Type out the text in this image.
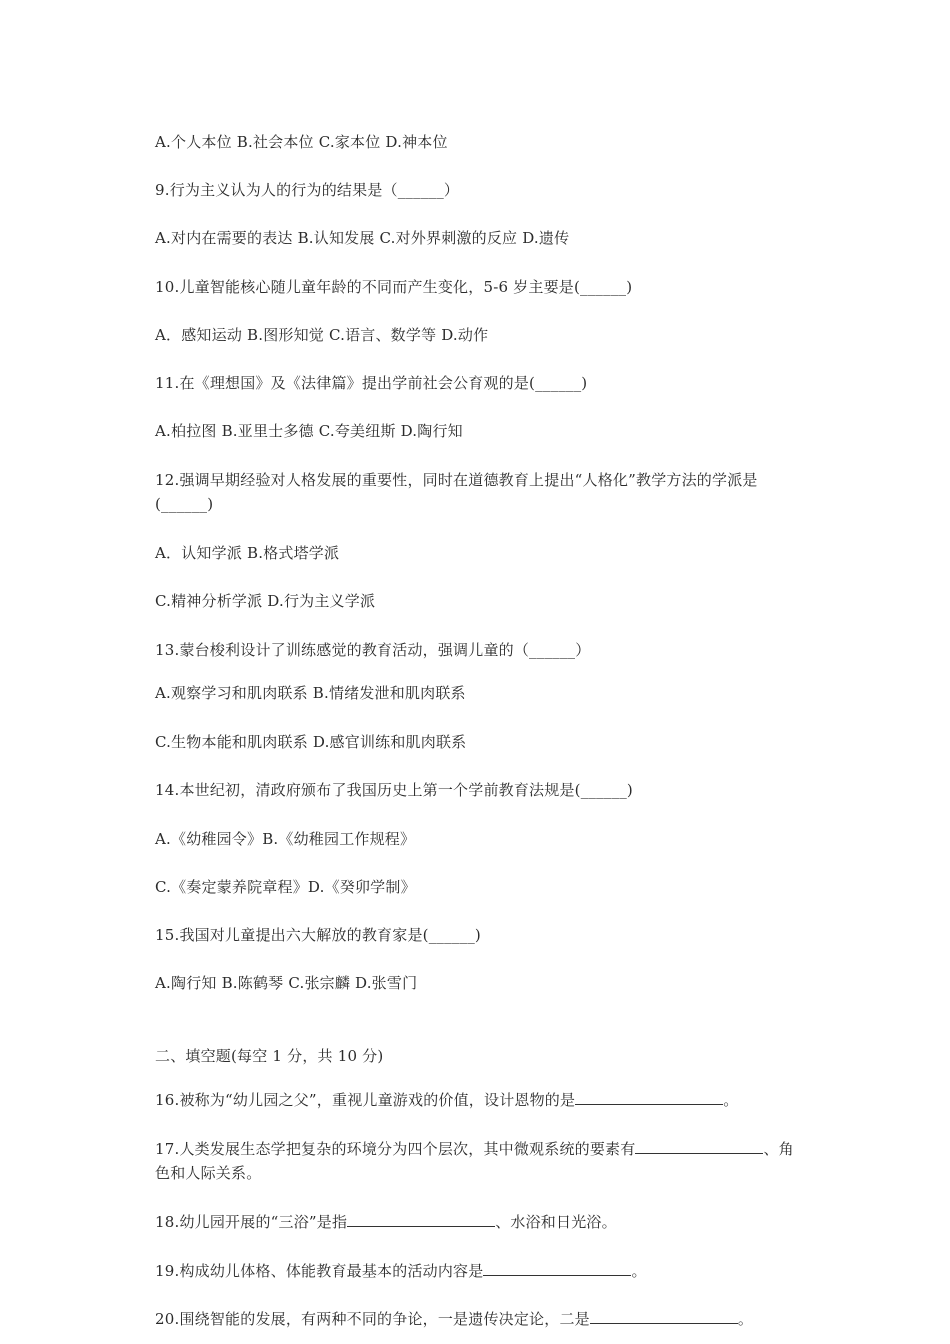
A.个人本位 B.社会本位 C.家本位 D.神本位
9.行为主义认为人的行为的结果是（______）
A.对内在需要的表达 B.认知发展 C.对外界刺激的反应 D.遗传
10.儿童智能核心随儿童年龄的不同而产生变化，5-6 岁主要是(______)
A．感知运动 B.图形知觉 C.语言、数学等 D.动作
11.在《理想国》及《法律篇》提出学前社会公育观的是(______)
A.柏拉图 B.亚里士多德 C.夸美纽斯 D.陶行知
12.强调早期经验对人格发展的重要性，同时在道德教育上提出“人格化”教学方法的学派是(______)
A．认知学派 B.格式塔学派
C.精神分析学派 D.行为主义学派
13.蒙台梭利设计了训练感觉的教育活动，强调儿童的（______）
A.观察学习和肌肉联系 B.情绪发泄和肌肉联系
C.生物本能和肌肉联系 D.感官训练和肌肉联系
14.本世纪初，清政府颁布了我国历史上第一个学前教育法规是(______)
A.《幼稚园令》B.《幼稚园工作规程》
C.《奏定蒙养院章程》D.《癸卯学制》
15.我国对儿童提出六大解放的教育家是(______)
A.陶行知 B.陈鹤琴 C.张宗麟 D.张雪门
二、填空题(每空 1 分，共 10 分)
16.被称为“幼儿园之父”，重视儿童游戏的价值，设计恩物的是	。
17.人类发展生态学把复杂的环境分为四个层次，其中微观系统的要素有	、角色和人际关系。
18.幼儿园开展的“三浴”是指	、水浴和日光浴。
19.构成幼儿体格、体能教育最基本的活动内容是	。
20.围绕智能的发展，有两种不同的争论，一是遗传决定论，二是	。
